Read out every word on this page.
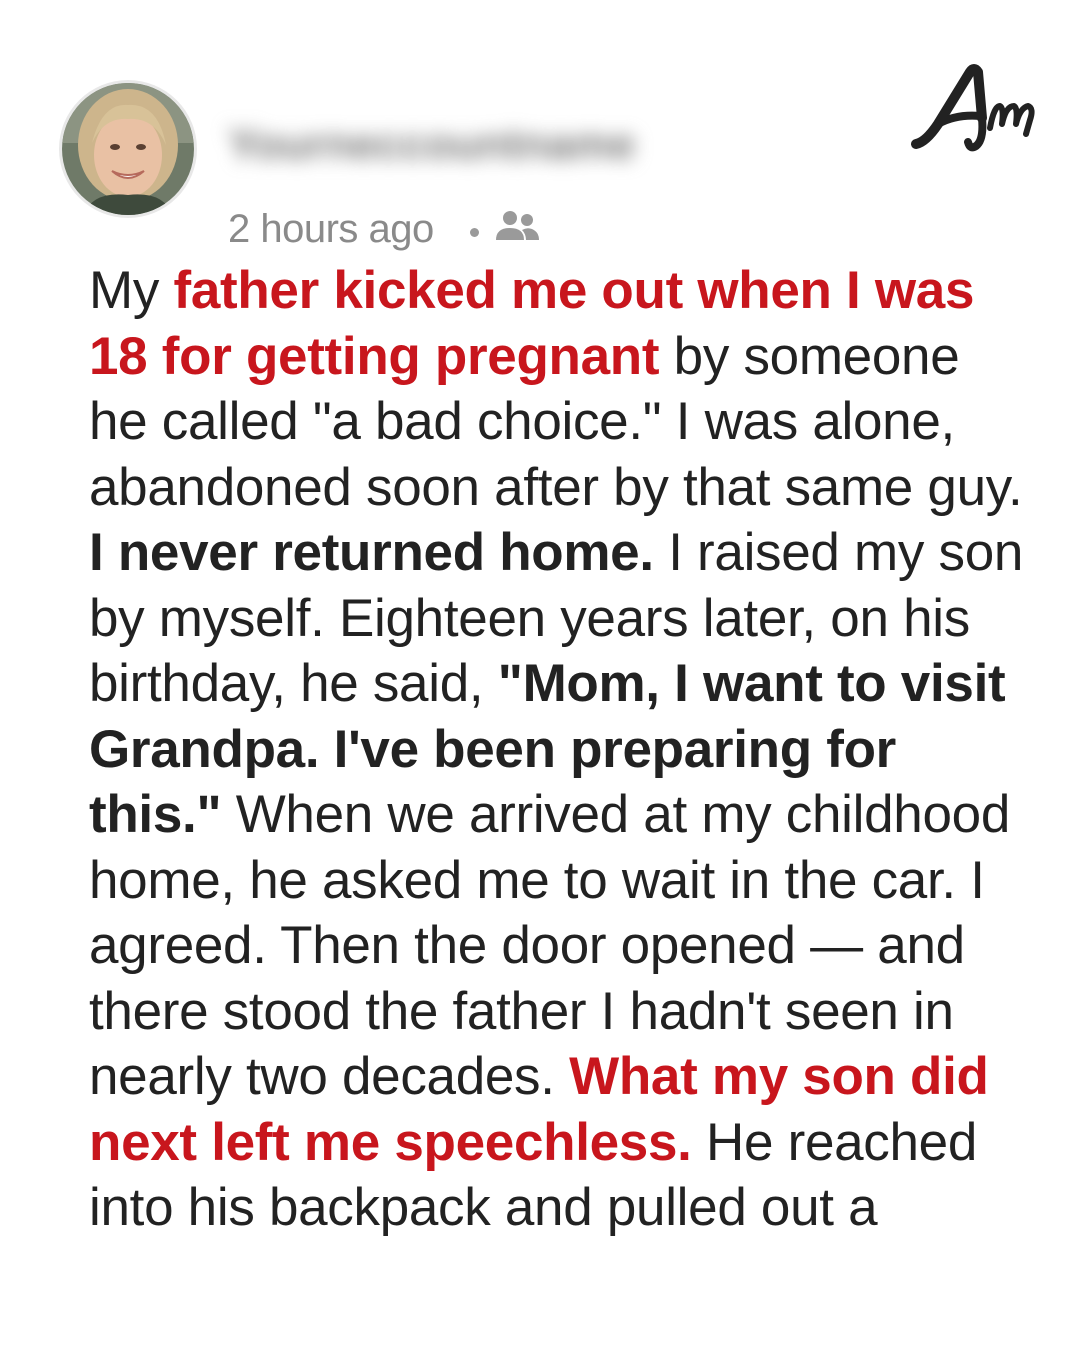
Yourneccountname
2 hours ago

My father kicked me out when I was 18 for getting pregnant by someone he called "a bad choice." I was alone, abandoned soon after by that same guy. I never returned home. I raised my son by myself. Eighteen years later, on his birthday, he said, "Mom, I want to visit Grandpa. I've been preparing for this." When we arrived at my childhood home, he asked me to wait in the car. I agreed. Then the door opened — and there stood the father I hadn't seen in nearly two decades. What my son did next left me speechless. He reached into his backpack and pulled out a
